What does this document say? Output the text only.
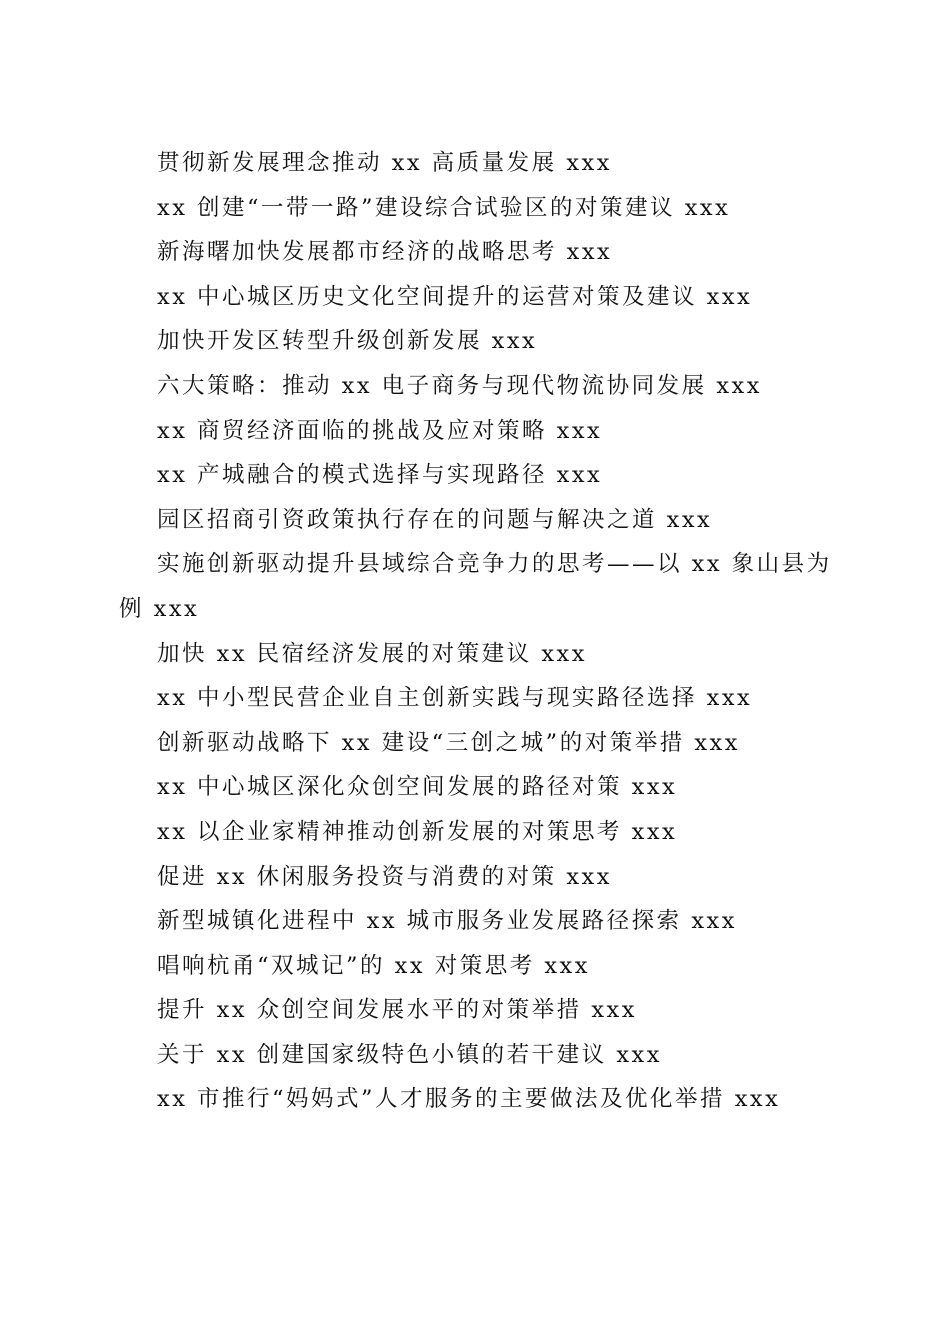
贯彻新发展理念推动 xx 高质量发展 xxx

xx 创建“一带一路”建设综合试验区的对策建议 xxx

新海曙加快发展都市经济的战略思考 xxx

xx 中心城区历史文化空间提升的运营对策及建议 xxx

加快开发区转型升级创新发展 xxx

六大策略：推动 xx 电子商务与现代物流协同发展 xxx

xx 商贸经济面临的挑战及应对策略 xxx

xx 产城融合的模式选择与实现路径 xxx

园区招商引资政策执行存在的问题与解决之道 xxx

实施创新驱动提升县域综合竞争力的思考——以 xx 象山县为例 xxx

加快 xx 民宿经济发展的对策建议 xxx

xx 中小型民营企业自主创新实践与现实路径选择 xxx

创新驱动战略下 xx 建设“三创之城”的对策举措 xxx

xx 中心城区深化众创空间发展的路径对策 xxx

xx 以企业家精神推动创新发展的对策思考 xxx

促进 xx 休闲服务投资与消费的对策 xxx

新型城镇化进程中 xx 城市服务业发展路径探索 xxx

唱响杭甬“双城记”的 xx 对策思考 xxx

提升 xx 众创空间发展水平的对策举措 xxx

关于 xx 创建国家级特色小镇的若干建议 xxx

xx 市推行“妈妈式”人才服务的主要做法及优化举措 xxx
